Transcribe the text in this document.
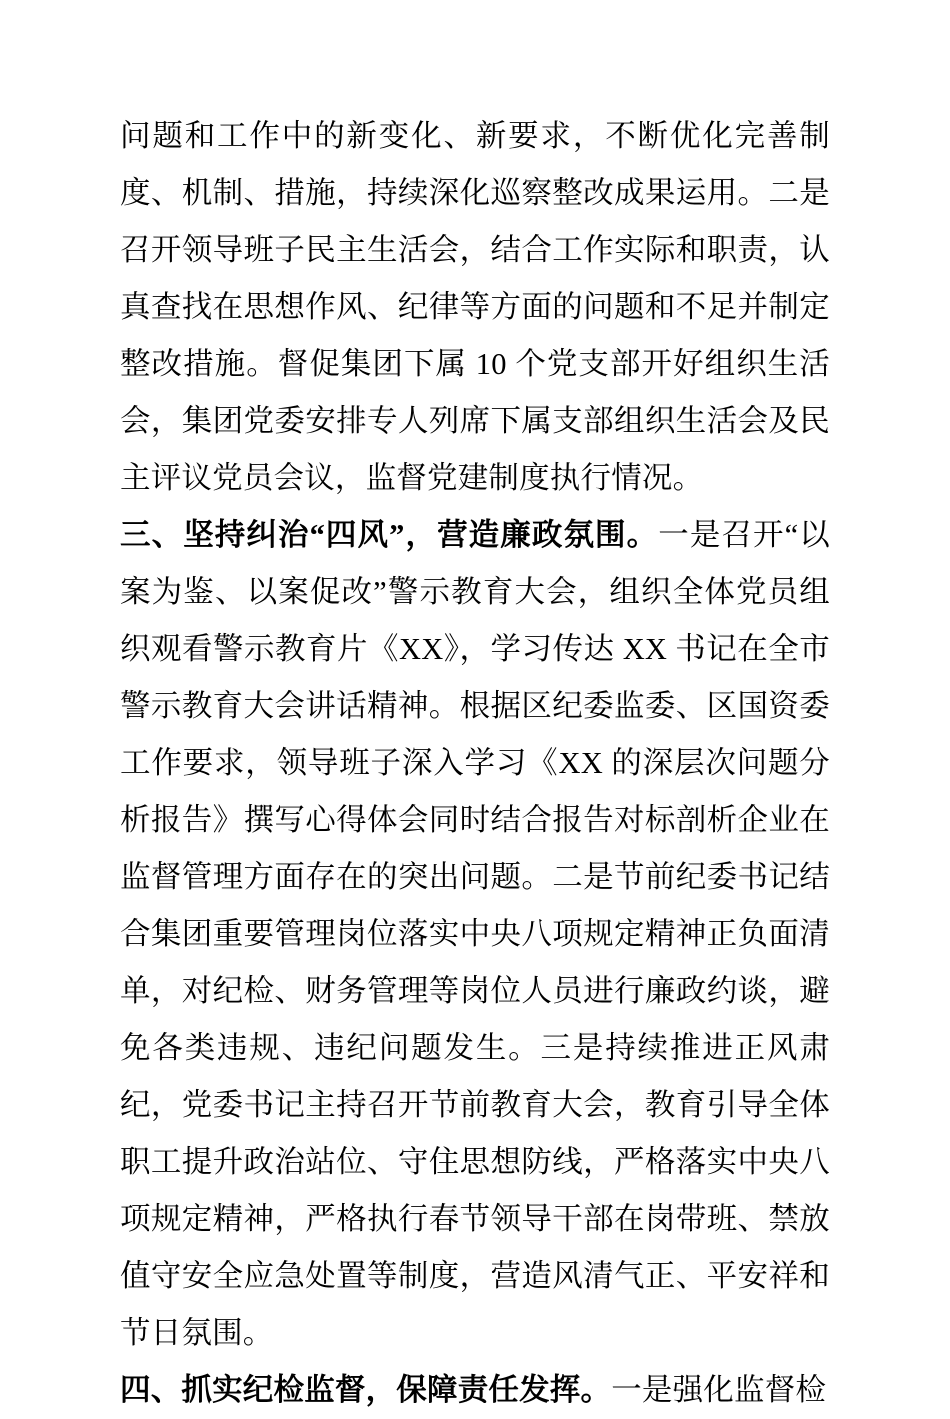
问题和工作中的新变化、新要求，不断优化完善制度、机制、措施，持续深化巡察整改成果运用。二是召开领导班子民主生活会，结合工作实际和职责，认真查找在思想作风、纪律等方面的问题和不足并制定整改措施。督促集团下属 10 个党支部开好组织生活会，集团党委安排专人列席下属支部组织生活会及民主评议党员会议，监督党建制度执行情况。

三、坚持纠治“四风”，营造廉政氛围。一是召开“以案为鉴、以案促改”警示教育大会，组织全体党员组织观看警示教育片《XX》，学习传达 XX 书记在全市警示教育大会讲话精神。根据区纪委监委、区国资委工作要求，领导班子深入学习《XX 的深层次问题分析报告》撰写心得体会同时结合报告对标剖析企业在监督管理方面存在的突出问题。二是节前纪委书记结合集团重要管理岗位落实中央八项规定精神正负面清单，对纪检、财务管理等岗位人员进行廉政约谈，避免各类违规、违纪问题发生。三是持续推进正风肃纪，党委书记主持召开节前教育大会，教育引导全体职工提升政治站位、守住思想防线，严格落实中央八项规定精神，严格执行春节领导干部在岗带班、禁放值守安全应急处置等制度，营造风清气正、平安祥和节日氛围。

四、抓实纪检监督，保障责任发挥。一是强化监督检
